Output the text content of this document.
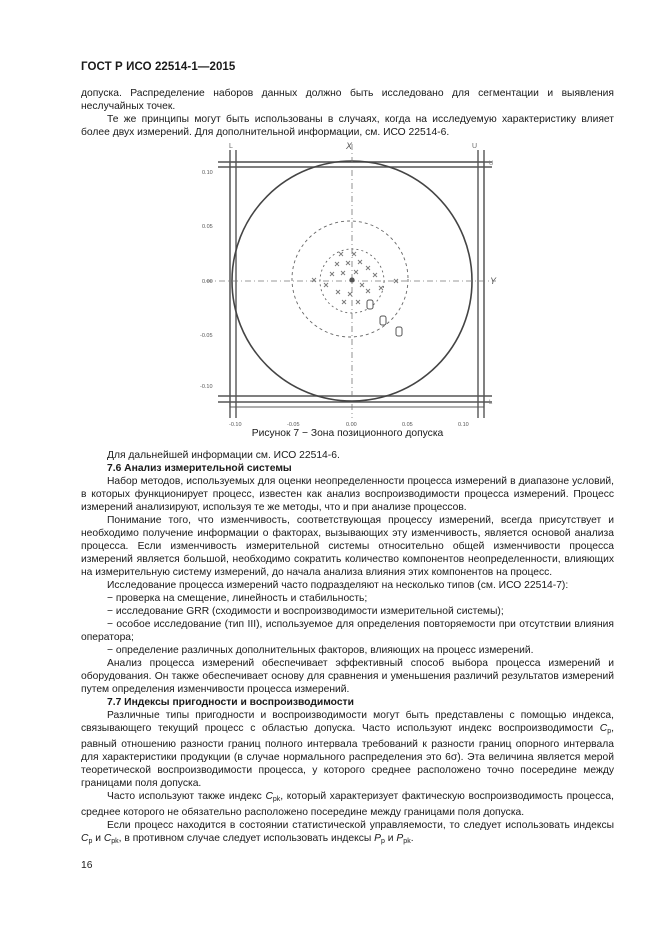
ГОСТ Р ИСО 22514-1—2015

допуска. Распределение наборов данных должно быть исследовано для сегментации и выявления неслучайных точек.

Те же принципы могут быть использованы в случаях, когда на исследуемую характеристику влияет более двух измерений. Для дополнительной информации, см. ИСО 22514-6.

L	U
X
Y
U
L
0.10
0.05
0.00
-0.05
-0.10
-0.10	-0.05	0.00	0.05	0.10
Рисунок 7 − Зона позиционного допуска

Для дальнейшей информации см. ИСО 22514-6.

7.6 Анализ измерительной системы

Набор методов, используемых для оценки неопределенности процесса измерений в диапазоне условий, в которых функционирует процесс, известен как анализ воспроизводимости процесса измерений. Процесс измерений анализируют, используя те же методы, что и при анализе процессов.

Понимание того, что изменчивость, соответствующая процессу измерений, всегда присутствует и необходимо получение информации о факторах, вызывающих эту изменчивость, является основой анализа процесса. Если изменчивость измерительной системы относительно общей изменчивости процесса измерений является большой, необходимо сократить количество компонентов неопределенности, влияющих на измерительную систему измерений, до начала анализа влияния этих компонентов на процесс.

Исследование процесса измерений часто подразделяют на несколько типов (см. ИСО 22514-7):

− проверка на смещение, линейность и стабильность;

− исследование GRR (сходимости и воспроизводимости измерительной системы);

− особое исследование (тип III), используемое для определения повторяемости при отсутствии влияния оператора;

− определение различных дополнительных факторов, влияющих на процесс измерений.

Анализ процесса измерений обеспечивает эффективный способ выбора процесса измерений и оборудования. Он также обеспечивает основу для сравнения и уменьшения различий результатов измерений путем определения изменчивости процесса измерений.

7.7 Индексы пригодности и воспроизводимости

Различные типы пригодности и воспроизводимости могут быть представлены с помощью индекса, связывающего текущий процесс с областью допуска. Часто используют индекс воспроизводимости $C_p$, равный отношению разности границ полного интервала требований к разности границ опорного интервала для характеристики продукции (в случае нормального распределения это 6σ). Эта величина является мерой теоретической воспроизводимости процесса, у которого среднее расположено точно посередине между границами поля допуска.

Часто используют также индекс $C_{pk}$, который характеризует фактическую воспроизводимость процесса, среднее которого не обязательно расположено посередине между границами поля допуска.

Если процесс находится в состоянии статистической управляемости, то следует использовать индексы $C_p$ и $C_{pk}$, в противном случае следует использовать индексы $P_p$ и $P_{pk}$.

16
